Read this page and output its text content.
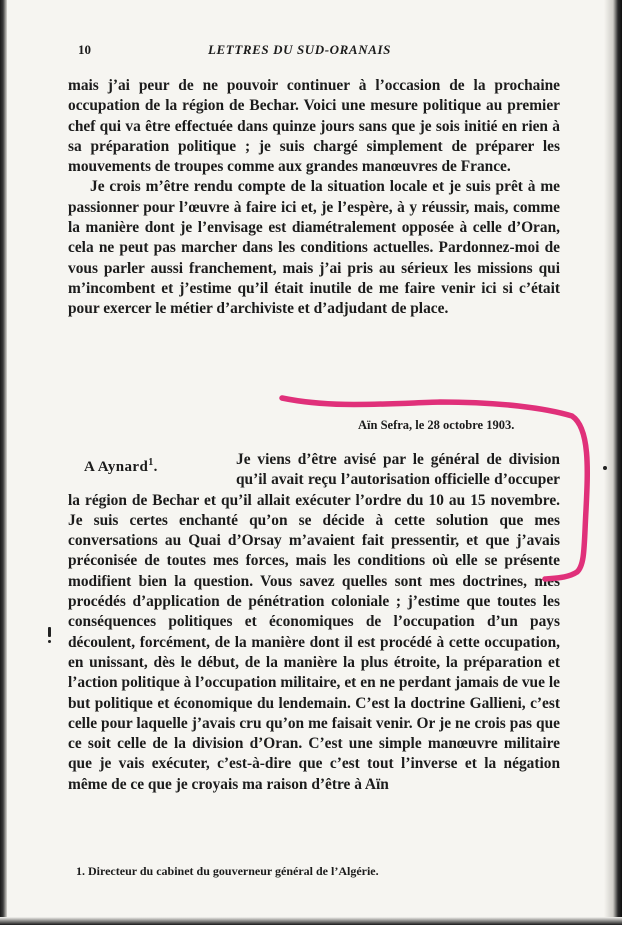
10	LETTRES DU SUD-ORANAIS

mais j’ai peur de ne pouvoir continuer à l’occasion de la prochaine occupation de la région de Bechar. Voici une mesure politique au premier chef qui va être effectuée dans quinze jours sans que je sois initié en rien à sa préparation politique ; je suis chargé simplement de préparer les mouvements de troupes comme aux grandes manœuvres de France.

Je crois m’être rendu compte de la situation locale et je suis prêt à me passionner pour l’œuvre à faire ici et, je l’espère, à y réussir, mais, comme la manière dont je l’envisage est diamétralement opposée à celle d’Oran, cela ne peut pas marcher dans les conditions actuelles. Pardonnez-moi de vous parler aussi franchement, mais j’ai pris au sérieux les missions qui m’incombent et j’estime qu’il était inutile de me faire venir ici si c’était pour exercer le métier d’archiviste et d’adjudant de place.

Aïn Sefra, le 28 octobre 1903.
A Aynard$^1$.	Je viens d’être avisé par le général de division qu’il avait reçu l’autorisation officielle d’occuper la région de Bechar et qu’il allait exécuter l’ordre du 10 au 15 novembre. Je suis certes enchanté qu’on se décide à cette solution que mes conversations au Quai d’Orsay m’avaient fait pressentir, et que j’avais préconisée de toutes mes forces, mais les conditions où elle se présente modifient bien la question. Vous savez quelles sont mes doctrines, mes procédés d’application de pénétration coloniale ; j’estime que toutes les conséquences politiques et économiques de l’occupation d’un pays découlent, forcément, de la manière dont il est procédé à cette occupation, en unissant, dès le début, de la manière la plus étroite, la préparation et l’action politique à l’occupation militaire, et en ne perdant jamais de vue le but politique et économique du lendemain. C’est la doctrine Gallieni, c’est celle pour laquelle j’avais cru qu’on me faisait venir. Or je ne crois pas que ce soit celle de la division d’Oran. C’est une simple manœuvre militaire que je vais exécuter, c’est-à-dire que c’est tout l’inverse et la négation même de ce que je croyais ma raison d’être à Aïn

1. Directeur du cabinet du gouverneur général de l’Algérie.
